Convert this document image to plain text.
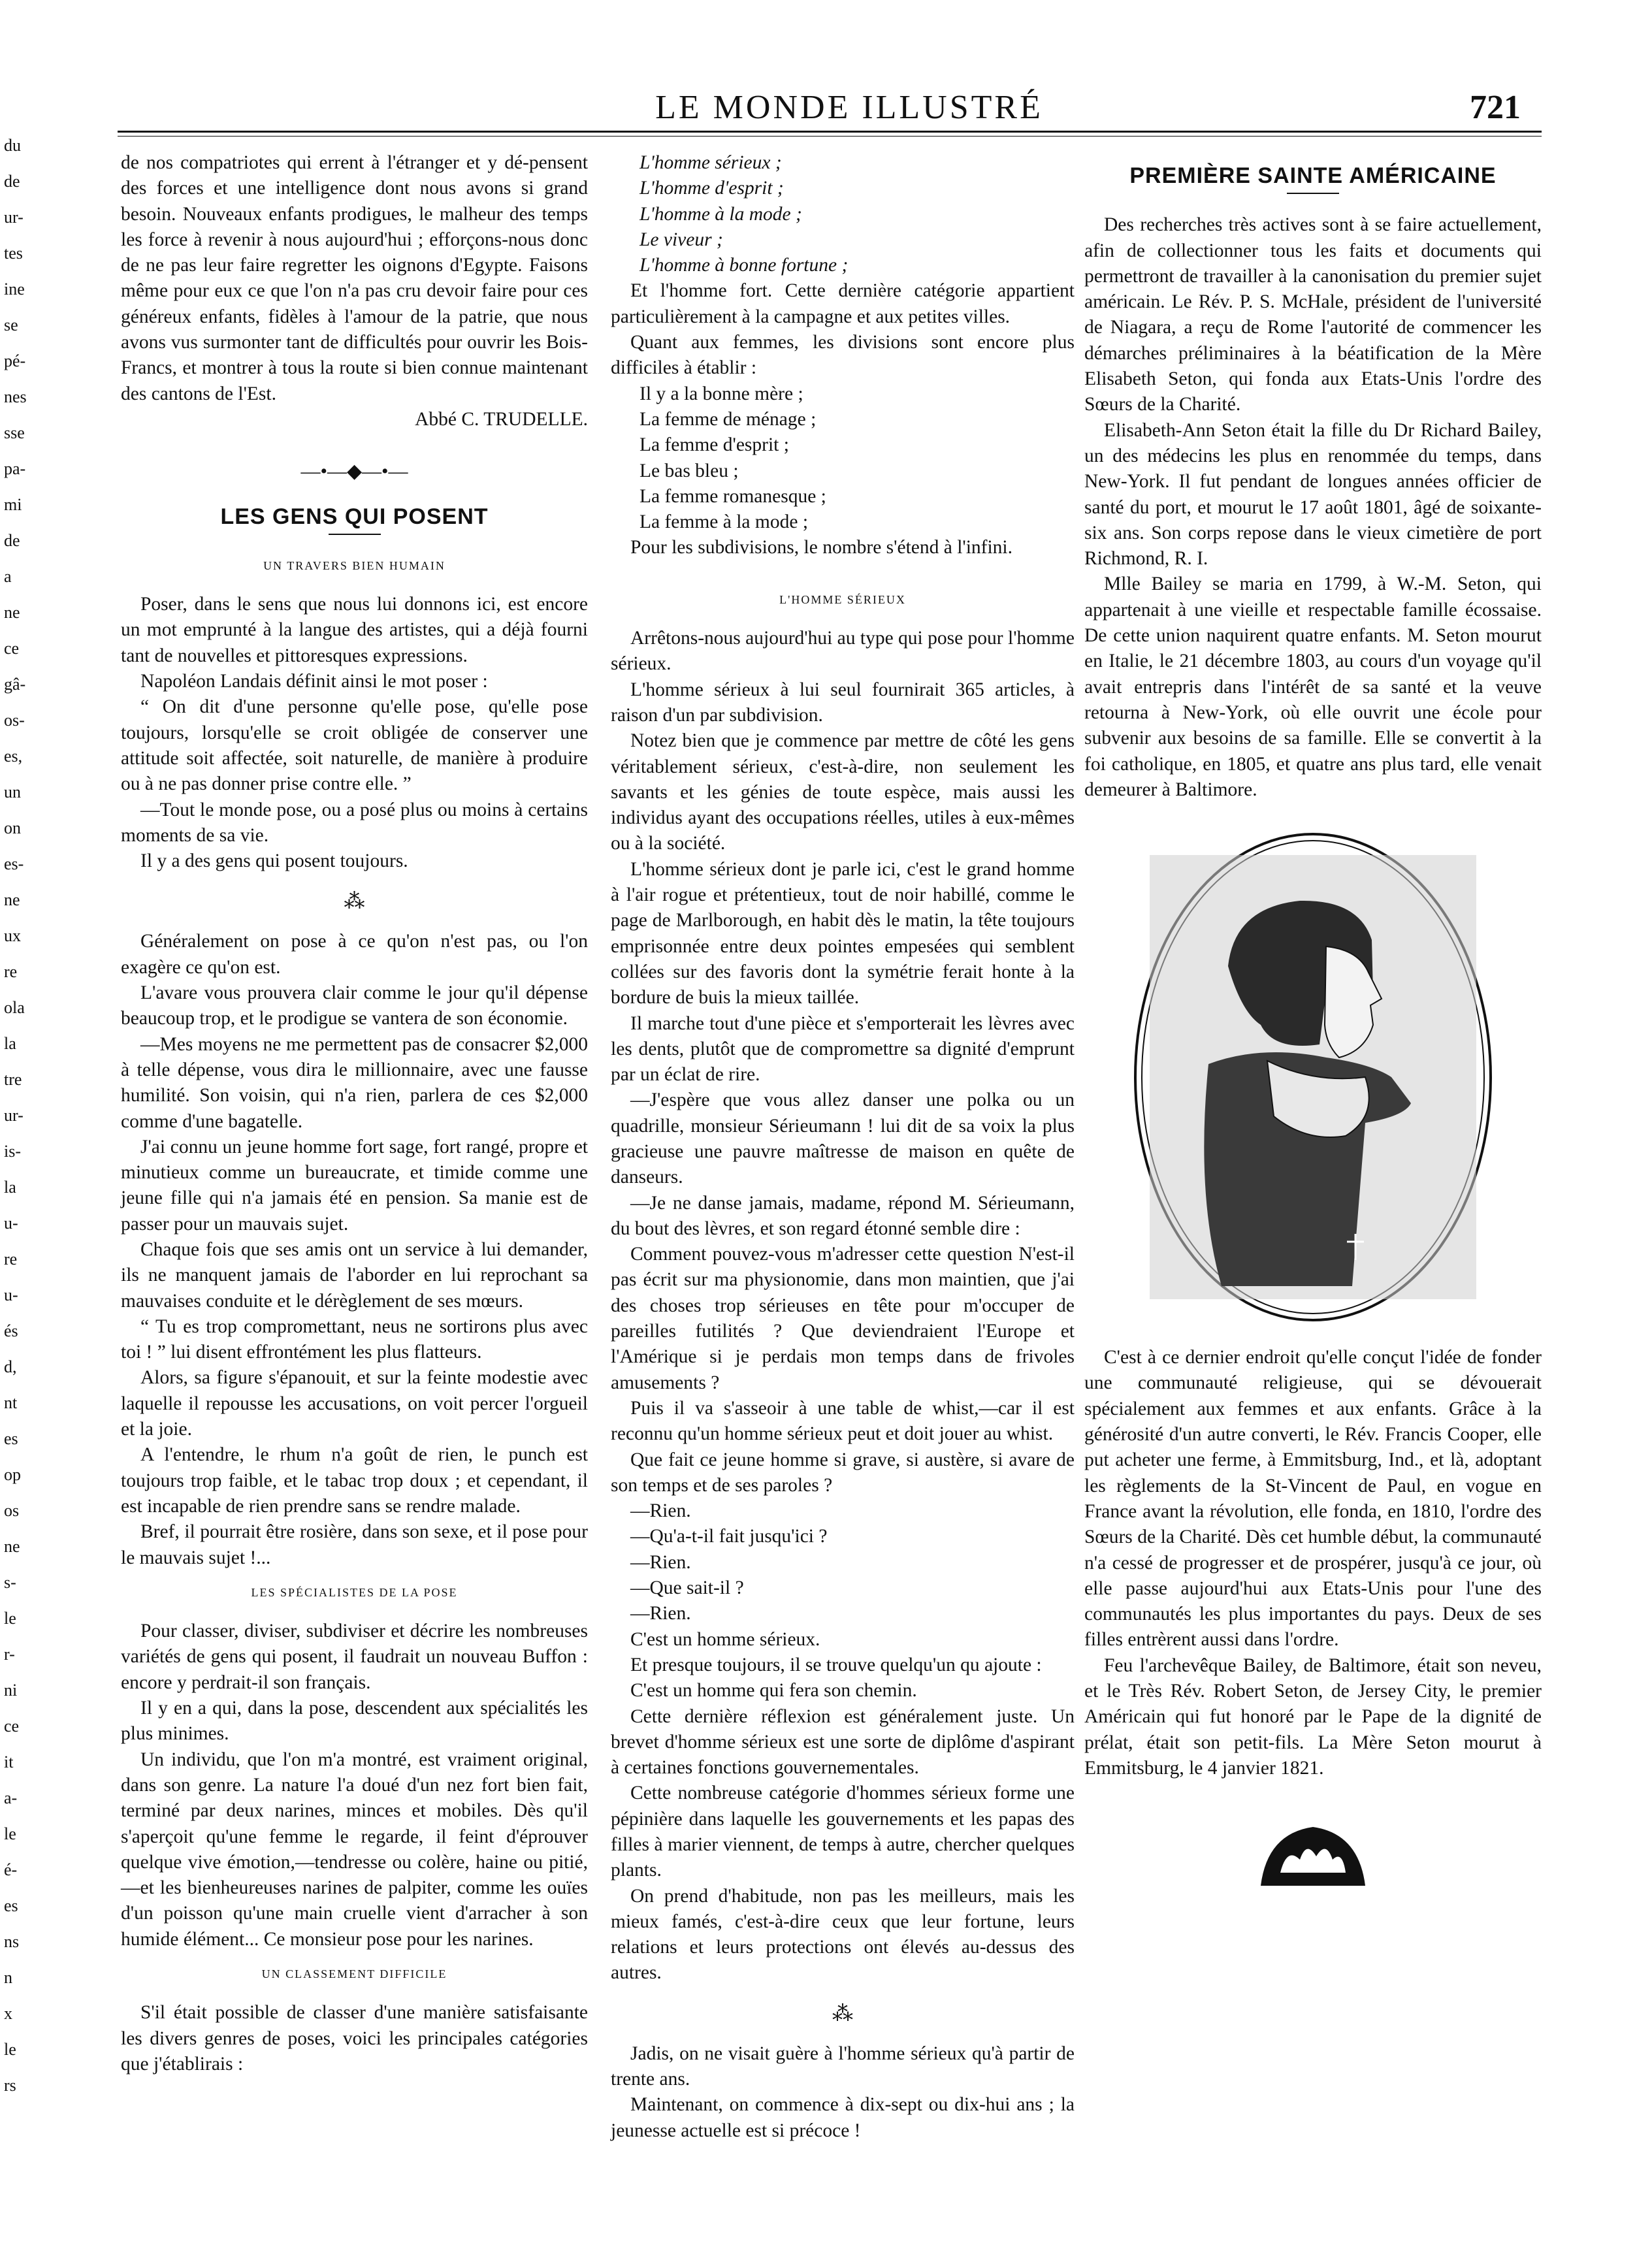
du
de
ur-
tes
ine
se
pé-
nes
sse
pa-
mi
de
a
ne
ce
gâ-
os-
es,
un
on
es-
ne
ux
re
ola
la
tre
ur-
is-
la
u-
re
u-
és
d,
nt
es
op
os
ne
s-
le
r-
ni
ce
it
a-
le
é-
es
ns
n
x
le
rs
LE MONDE ILLUSTRÉ	721

de nos compatriotes qui errent à l'étranger et y dé-pensent des forces et une intelligence dont nous avons si grand besoin. Nouveaux enfants prodigues, le malheur des temps les force à revenir à nous aujourd'hui ; efforçons-nous donc de ne pas leur faire regretter les oignons d'Egypte. Faisons même pour eux ce que l'on n'a pas cru devoir faire pour ces généreux enfants, fidèles à l'amour de la patrie, que nous avons vus surmonter tant de difficultés pour ouvrir les Bois-Francs, et montrer à tous la route si bien connue maintenant des cantons de l'Est.

Abbé C. TRUDELLE.

—•—◆—•—
LES GENS QUI POSENT
UN TRAVERS BIEN HUMAIN

Poser, dans le sens que nous lui donnons ici, est encore un mot emprunté à la langue des artistes, qui a déjà fourni tant de nouvelles et pittoresques expressions.

Napoléon Landais définit ainsi le mot poser :

“ On dit d'une personne qu'elle pose, qu'elle pose toujours, lorsqu'elle se croit obligée de conserver une attitude soit affectée, soit naturelle, de manière à produire ou à ne pas donner prise contre elle. ”

—Tout le monde pose, ou a posé plus ou moins à certains moments de sa vie.

Il y a des gens qui posent toujours.

⁂

Généralement on pose à ce qu'on n'est pas, ou l'on exagère ce qu'on est.

L'avare vous prouvera clair comme le jour qu'il dépense beaucoup trop, et le prodigue se vantera de son économie.

—Mes moyens ne me permettent pas de consacrer $2,000 à telle dépense, vous dira le millionnaire, avec une fausse humilité. Son voisin, qui n'a rien, parlera de ces $2,000 comme d'une bagatelle.

J'ai connu un jeune homme fort sage, fort rangé, propre et minutieux comme un bureaucrate, et timide comme une jeune fille qui n'a jamais été en pension. Sa manie est de passer pour un mauvais sujet.

Chaque fois que ses amis ont un service à lui demander, ils ne manquent jamais de l'aborder en lui reprochant sa mauvaises conduite et le dérèglement de ses mœurs.

“ Tu es trop compromettant, neus ne sortirons plus avec toi ! ” lui disent effrontément les plus flatteurs.

Alors, sa figure s'épanouit, et sur la feinte modestie avec laquelle il repousse les accusations, on voit percer l'orgueil et la joie.

A l'entendre, le rhum n'a goût de rien, le punch est toujours trop faible, et le tabac trop doux ; et cependant, il est incapable de rien prendre sans se rendre malade.

Bref, il pourrait être rosière, dans son sexe, et il pose pour le mauvais sujet !...

LES SPÉCIALISTES DE LA POSE

Pour classer, diviser, subdiviser et décrire les nombreuses variétés de gens qui posent, il faudrait un nouveau Buffon : encore y perdrait-il son français.

Il y en a qui, dans la pose, descendent aux spécialités les plus minimes.

Un individu, que l'on m'a montré, est vraiment original, dans son genre. La nature l'a doué d'un nez fort bien fait, terminé par deux narines, minces et mobiles. Dès qu'il s'aperçoit qu'une femme le regarde, il feint d'éprouver quelque vive émotion,—tendresse ou colère, haine ou pitié,—et les bienheureuses narines de palpiter, comme les ouïes d'un poisson qu'une main cruelle vient d'arracher à son humide élément... Ce monsieur pose pour les narines.

UN CLASSEMENT DIFFICILE

S'il était possible de classer d'une manière satisfaisante les divers genres de poses, voici les principales catégories que j'établirais :

L'homme sérieux ;

L'homme d'esprit ;

L'homme à la mode ;

Le viveur ;

L'homme à bonne fortune ;

Et l'homme fort. Cette dernière catégorie appartient particulièrement à la campagne et aux petites villes.

Quant aux femmes, les divisions sont encore plus difficiles à établir :

Il y a la bonne mère ;

La femme de ménage ;

La femme d'esprit ;

Le bas bleu ;

La femme romanesque ;

La femme à la mode ;

Pour les subdivisions, le nombre s'étend à l'infini.

L'HOMME SÉRIEUX

Arrêtons-nous aujourd'hui au type qui pose pour l'homme sérieux.

L'homme sérieux à lui seul fournirait 365 articles, à raison d'un par subdivision.

Notez bien que je commence par mettre de côté les gens véritablement sérieux, c'est-à-dire, non seulement les savants et les génies de toute espèce, mais aussi les individus ayant des occupations réelles, utiles à eux-mêmes ou à la société.

L'homme sérieux dont je parle ici, c'est le grand homme à l'air rogue et prétentieux, tout de noir habillé, comme le page de Marlborough, en habit dès le matin, la tête toujours emprisonnée entre deux pointes empesées qui semblent collées sur des favoris dont la symétrie ferait honte à la bordure de buis la mieux taillée.

Il marche tout d'une pièce et s'emporterait les lèvres avec les dents, plutôt que de compromettre sa dignité d'emprunt par un éclat de rire.

—J'espère que vous allez danser une polka ou un quadrille, monsieur Sérieumann ! lui dit de sa voix la plus gracieuse une pauvre maîtresse de maison en quête de danseurs.

—Je ne danse jamais, madame, répond M. Sérieumann, du bout des lèvres, et son regard étonné semble dire :

Comment pouvez-vous m'adresser cette question N'est-il pas écrit sur ma physionomie, dans mon maintien, que j'ai des choses trop sérieuses en tête pour m'occuper de pareilles futilités ? Que deviendraient l'Europe et l'Amérique si je perdais mon temps dans de frivoles amusements ?

Puis il va s'asseoir à une table de whist,—car il est reconnu qu'un homme sérieux peut et doit jouer au whist.

Que fait ce jeune homme si grave, si austère, si avare de son temps et de ses paroles ?

—Rien.

—Qu'a-t-il fait jusqu'ici ?

—Rien.

—Que sait-il ?

—Rien.

C'est un homme sérieux.

Et presque toujours, il se trouve quelqu'un qu ajoute :

C'est un homme qui fera son chemin.

Cette dernière réflexion est généralement juste. Un brevet d'homme sérieux est une sorte de diplôme d'aspirant à certaines fonctions gouvernementales.

Cette nombreuse catégorie d'hommes sérieux forme une pépinière dans laquelle les gouvernements et les papas des filles à marier viennent, de temps à autre, chercher quelques plants.

On prend d'habitude, non pas les meilleurs, mais les mieux famés, c'est-à-dire ceux que leur fortune, leurs relations et leurs protections ont élevés au-dessus des autres.

⁂

Jadis, on ne visait guère à l'homme sérieux qu'à partir de trente ans.

Maintenant, on commence à dix-sept ou dix-hui ans ; la jeunesse actuelle est si précoce !

PREMIÈRE SAINTE AMÉRICAINE

Des recherches très actives sont à se faire actuellement, afin de collectionner tous les faits et documents qui permettront de travailler à la canonisation du premier sujet américain. Le Rév. P. S. McHale, président de l'université de Niagara, a reçu de Rome l'autorité de commencer les démarches préliminaires à la béatification de la Mère Elisabeth Seton, qui fonda aux Etats-Unis l'ordre des Sœurs de la Charité.

Elisabeth-Ann Seton était la fille du Dr Richard Bailey, un des médecins les plus en renommée du temps, dans New-York. Il fut pendant de longues années officier de santé du port, et mourut le 17 août 1801, âgé de soixante-six ans. Son corps repose dans le vieux cimetière de port Richmond, R. I.

Mlle Bailey se maria en 1799, à W.-M. Seton, qui appartenait à une vieille et respectable famille écossaise. De cette union naquirent quatre enfants. M. Seton mourut en Italie, le 21 décembre 1803, au cours d'un voyage qu'il avait entrepris dans l'intérêt de sa santé et la veuve retourna à New-York, où elle ouvrit une école pour subvenir aux besoins de sa famille. Elle se convertit à la foi catholique, en 1805, et quatre ans plus tard, elle venait demeurer à Baltimore.

C'est à ce dernier endroit qu'elle conçut l'idée de fonder une communauté religieuse, qui se dévouerait spécialement aux femmes et aux enfants. Grâce à la générosité d'un autre converti, le Rév. Francis Cooper, elle put acheter une ferme, à Emmitsburg, Ind., et là, adoptant les règlements de la St-Vincent de Paul, en vogue en France avant la révolution, elle fonda, en 1810, l'ordre des Sœurs de la Charité. Dès cet humble début, la communauté n'a cessé de progresser et de prospérer, jusqu'à ce jour, où elle passe aujourd'hui aux Etats-Unis pour l'une des communautés les plus importantes du pays. Deux de ses filles entrèrent aussi dans l'ordre.

Feu l'archevêque Bailey, de Baltimore, était son neveu, et le Très Rév. Robert Seton, de Jersey City, le premier Américain qui fut honoré par le Pape de la dignité de prélat, était son petit-fils. La Mère Seton mourut à Emmitsburg, le 4 janvier 1821.
